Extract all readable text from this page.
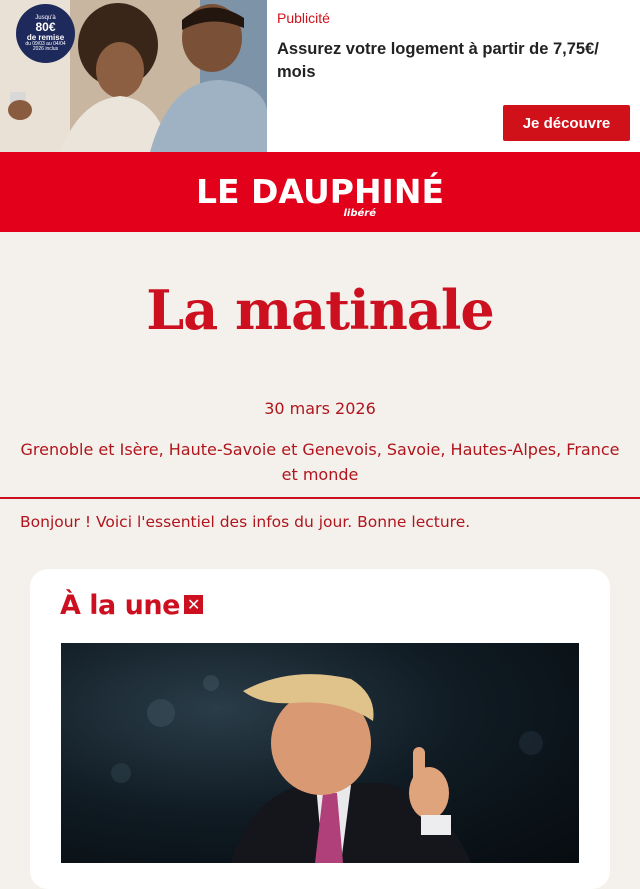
Jusqu'à
80€
de remise
du 09/03 au 04/04
2026 inclus
Publicité
Assurez votre logement à partir de 7,75€/ mois
Je découvre
LE DAUPHINÉ
libéré
La matinale
30 mars 2026
Grenoble et Isère, Haute-Savoie et Genevois, Savoie, Hautes-Alpes, France et monde
Bonjour ! Voici l'essentiel des infos du jour. Bonne lecture.
À la une ✕
